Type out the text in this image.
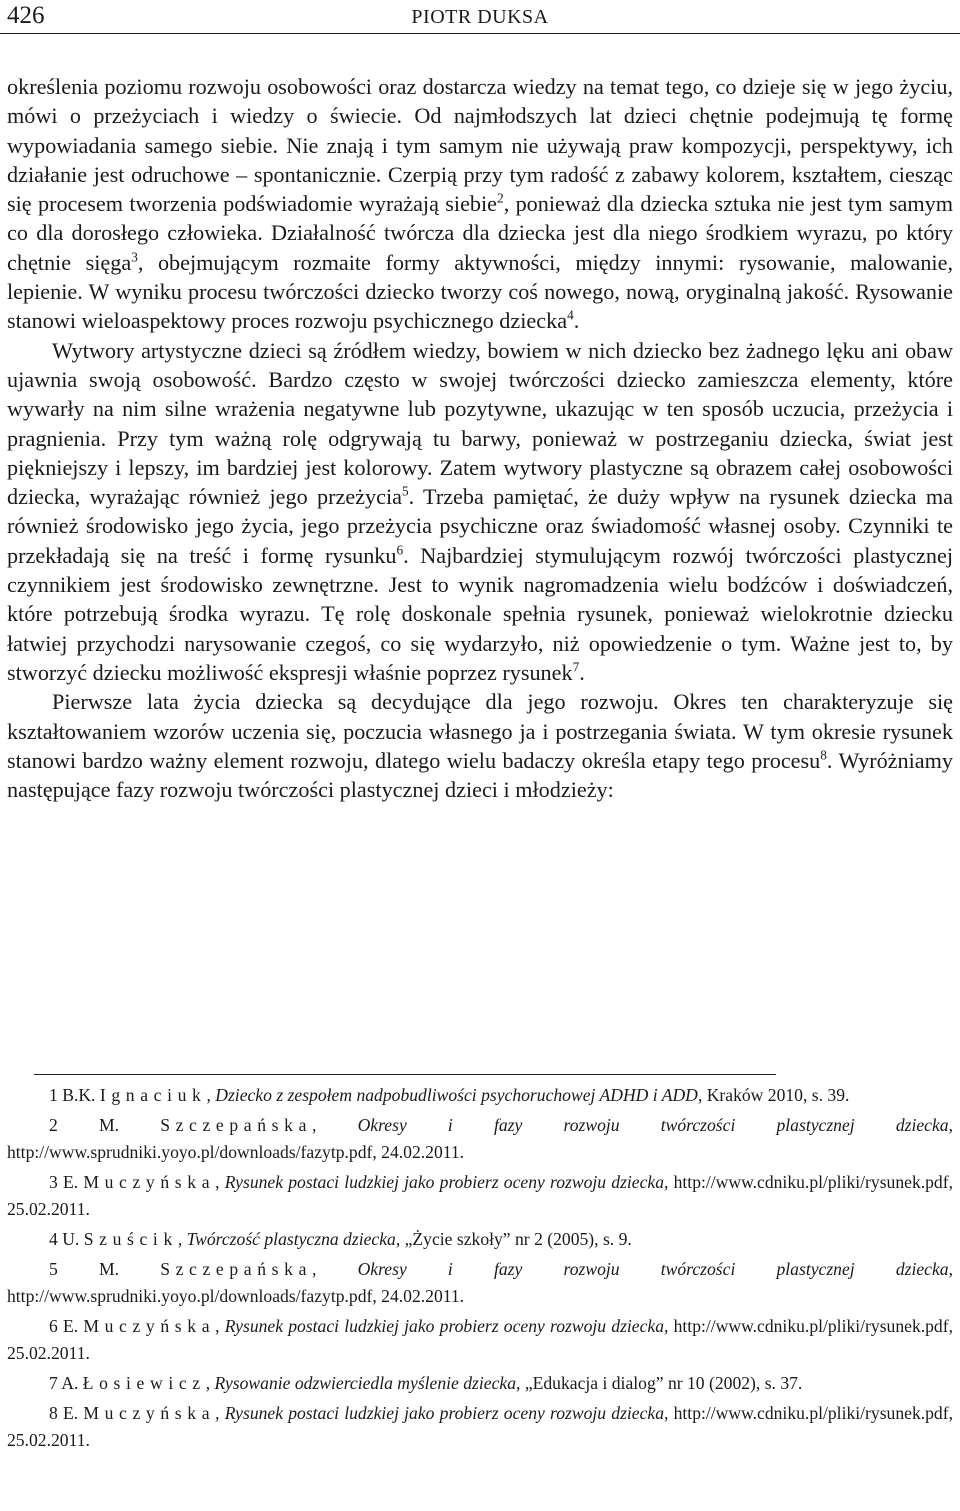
426	PIOTR DUKSA

określenia poziomu rozwoju osobowości oraz dostarcza wiedzy na temat tego, co dzieje się w jego życiu, mówi o przeżyciach i wiedzy o świecie. Od najmłodszych lat dzieci chętnie podejmują tę formę wypowiadania samego siebie. Nie znają i tym samym nie używają praw kompozycji, perspektywy, ich działanie jest odruchowe – spontanicznie. Czerpią przy tym radość z zabawy kolorem, kształtem, ciesząc się procesem tworzenia podświadomie wyrażają siebie$^2$, ponieważ dla dziecka sztuka nie jest tym samym co dla dorosłego człowieka. Działalność twórcza dla dziecka jest dla niego środkiem wyrazu, po który chętnie sięga$^3$, obejmującym rozmaite formy aktywności, między innymi: rysowanie, malowanie, lepienie. W wyniku procesu twórczości dziecko tworzy coś nowego, nową, oryginalną jakość. Rysowanie stanowi wieloaspektowy proces rozwoju psychicznego dziecka$^4$.

Wytwory artystyczne dzieci są źródłem wiedzy, bowiem w nich dziecko bez żadnego lęku ani obaw ujawnia swoją osobowość. Bardzo często w swojej twórczości dziecko zamieszcza elementy, które wywarły na nim silne wrażenia negatywne lub pozytywne, ukazując w ten sposób uczucia, przeżycia i pragnienia. Przy tym ważną rolę odgrywają tu barwy, ponieważ w postrzeganiu dziecka, świat jest piękniejszy i lepszy, im bardziej jest kolorowy. Zatem wytwory plastyczne są obrazem całej osobowości dziecka, wyrażając również jego przeżycia$^5$. Trzeba pamiętać, że duży wpływ na rysunek dziecka ma również środowisko jego życia, jego przeżycia psychiczne oraz świadomość własnej osoby. Czynniki te przekładają się na treść i formę rysunku$^6$. Najbardziej stymulującym rozwój twórczości plastycznej czynnikiem jest środowisko zewnętrzne. Jest to wynik nagromadzenia wielu bodźców i doświadczeń, które potrzebują środka wyrazu. Tę rolę doskonale spełnia rysunek, ponieważ wielokrotnie dziecku łatwiej przychodzi narysowanie czegoś, co się wydarzyło, niż opowiedzenie o tym. Ważne jest to, by stworzyć dziecku możliwość ekspresji właśnie poprzez rysunek$^7$.

Pierwsze lata życia dziecka są decydujące dla jego rozwoju. Okres ten charakteryzuje się kształtowaniem wzorów uczenia się, poczucia własnego ja i postrzegania świata. W tym okresie rysunek stanowi bardzo ważny element rozwoju, dlatego wielu badaczy określa etapy tego procesu$^8$. Wyróżniamy następujące fazy rozwoju twórczości plastycznej dzieci i młodzieży:

1 B.K. Ignaciuk, Dziecko z zespołem nadpobudliwości psychoruchowej ADHD i ADD, Kraków 2010, s. 39.

2 M. Szczepańska, Okresy i fazy rozwoju twórczości plastycznej dziecka, http://www.sprudniki.yoyo.pl/downloads/fazytp.pdf, 24.02.2011.

3 E. Muczyńska, Rysunek postaci ludzkiej jako probierz oceny rozwoju dziecka, http://www.cdniku.pl/pliki/rysunek.pdf, 25.02.2011.

4 U. Szuścik, Twórczość plastyczna dziecka, „Życie szkoły” nr 2 (2005), s. 9.

5 M. Szczepańska, Okresy i fazy rozwoju twórczości plastycznej dziecka, http://www.sprudniki.yoyo.pl/downloads/fazytp.pdf, 24.02.2011.

6 E. Muczyńska, Rysunek postaci ludzkiej jako probierz oceny rozwoju dziecka, http://www.cdniku.pl/pliki/rysunek.pdf, 25.02.2011.

7 A. Łosiewicz, Rysowanie odzwierciedla myślenie dziecka, „Edukacja i dialog” nr 10 (2002), s. 37.

8 E. Muczyńska, Rysunek postaci ludzkiej jako probierz oceny rozwoju dziecka, http://www.cdniku.pl/pliki/rysunek.pdf, 25.02.2011.
